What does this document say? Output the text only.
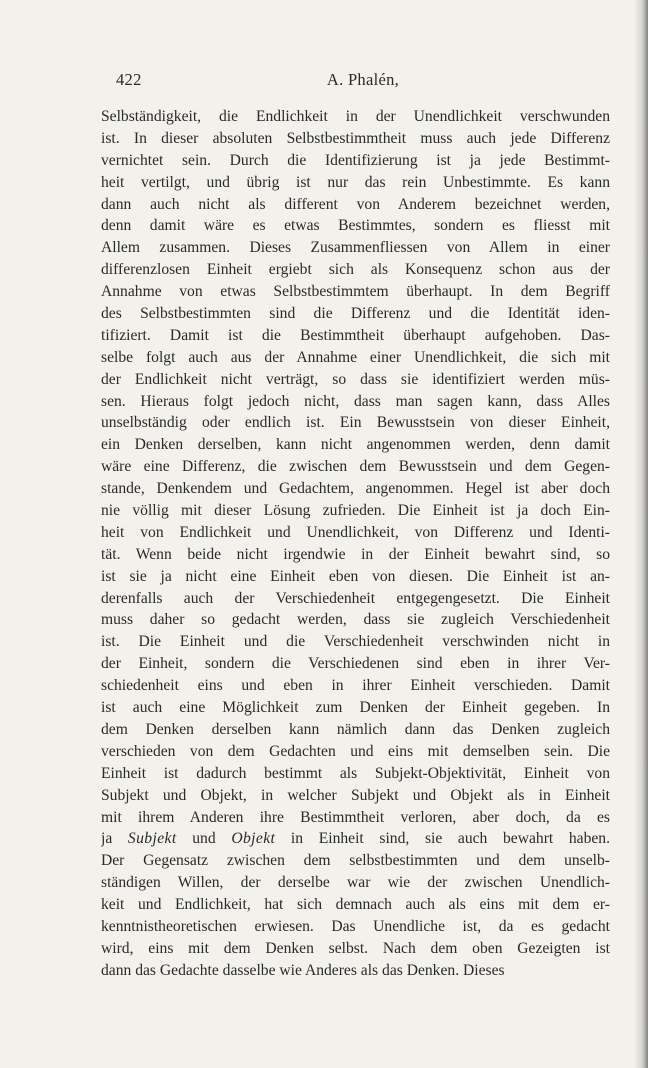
422	A. Phalén,
Selbständigkeit, die Endlichkeit in der Unendlichkeit verschwunden
ist. In dieser absoluten Selbstbestimmtheit muss auch jede Differenz
vernichtet sein. Durch die Identifizierung ist ja jede Bestimmt-
heit vertilgt, und übrig ist nur das rein Unbestimmte. Es kann
dann auch nicht als different von Anderem bezeichnet werden,
denn damit wäre es etwas Bestimmtes, sondern es fliesst mit
Allem zusammen. Dieses Zusammenfliessen von Allem in einer
differenzlosen Einheit ergiebt sich als Konsequenz schon aus der
Annahme von etwas Selbstbestimmtem überhaupt. In dem Begriff
des Selbstbestimmten sind die Differenz und die Identität iden-
tifiziert. Damit ist die Bestimmtheit überhaupt aufgehoben. Das-
selbe folgt auch aus der Annahme einer Unendlichkeit, die sich mit
der Endlichkeit nicht verträgt, so dass sie identifiziert werden müs-
sen. Hieraus folgt jedoch nicht, dass man sagen kann, dass Alles
unselbständig oder endlich ist. Ein Bewusstsein von dieser Einheit,
ein Denken derselben, kann nicht angenommen werden, denn damit
wäre eine Differenz, die zwischen dem Bewusstsein und dem Gegen-
stande, Denkendem und Gedachtem, angenommen. Hegel ist aber doch
nie völlig mit dieser Lösung zufrieden. Die Einheit ist ja doch Ein-
heit von Endlichkeit und Unendlichkeit, von Differenz und Identi-
tät. Wenn beide nicht irgendwie in der Einheit bewahrt sind, so
ist sie ja nicht eine Einheit eben von diesen. Die Einheit ist an-
derenfalls auch der Verschiedenheit entgegengesetzt. Die Einheit
muss daher so gedacht werden, dass sie zugleich Verschiedenheit
ist. Die Einheit und die Verschiedenheit verschwinden nicht in
der Einheit, sondern die Verschiedenen sind eben in ihrer Ver-
schiedenheit eins und eben in ihrer Einheit verschieden. Damit
ist auch eine Möglichkeit zum Denken der Einheit gegeben. In
dem Denken derselben kann nämlich dann das Denken zugleich
verschieden von dem Gedachten und eins mit demselben sein. Die
Einheit ist dadurch bestimmt als Subjekt-Objektivität, Einheit von
Subjekt und Objekt, in welcher Subjekt und Objekt als in Einheit
mit ihrem Anderen ihre Bestimmtheit verloren, aber doch, da es
ja Subjekt und Objekt in Einheit sind, sie auch bewahrt haben.
Der Gegensatz zwischen dem selbstbestimmten und dem unselb-
ständigen Willen, der derselbe war wie der zwischen Unendlich-
keit und Endlichkeit, hat sich demnach auch als eins mit dem er-
kenntnistheoretischen erwiesen. Das Unendliche ist, da es gedacht
wird, eins mit dem Denken selbst. Nach dem oben Gezeigten ist
dann das Gedachte dasselbe wie Anderes als das Denken. Dieses
